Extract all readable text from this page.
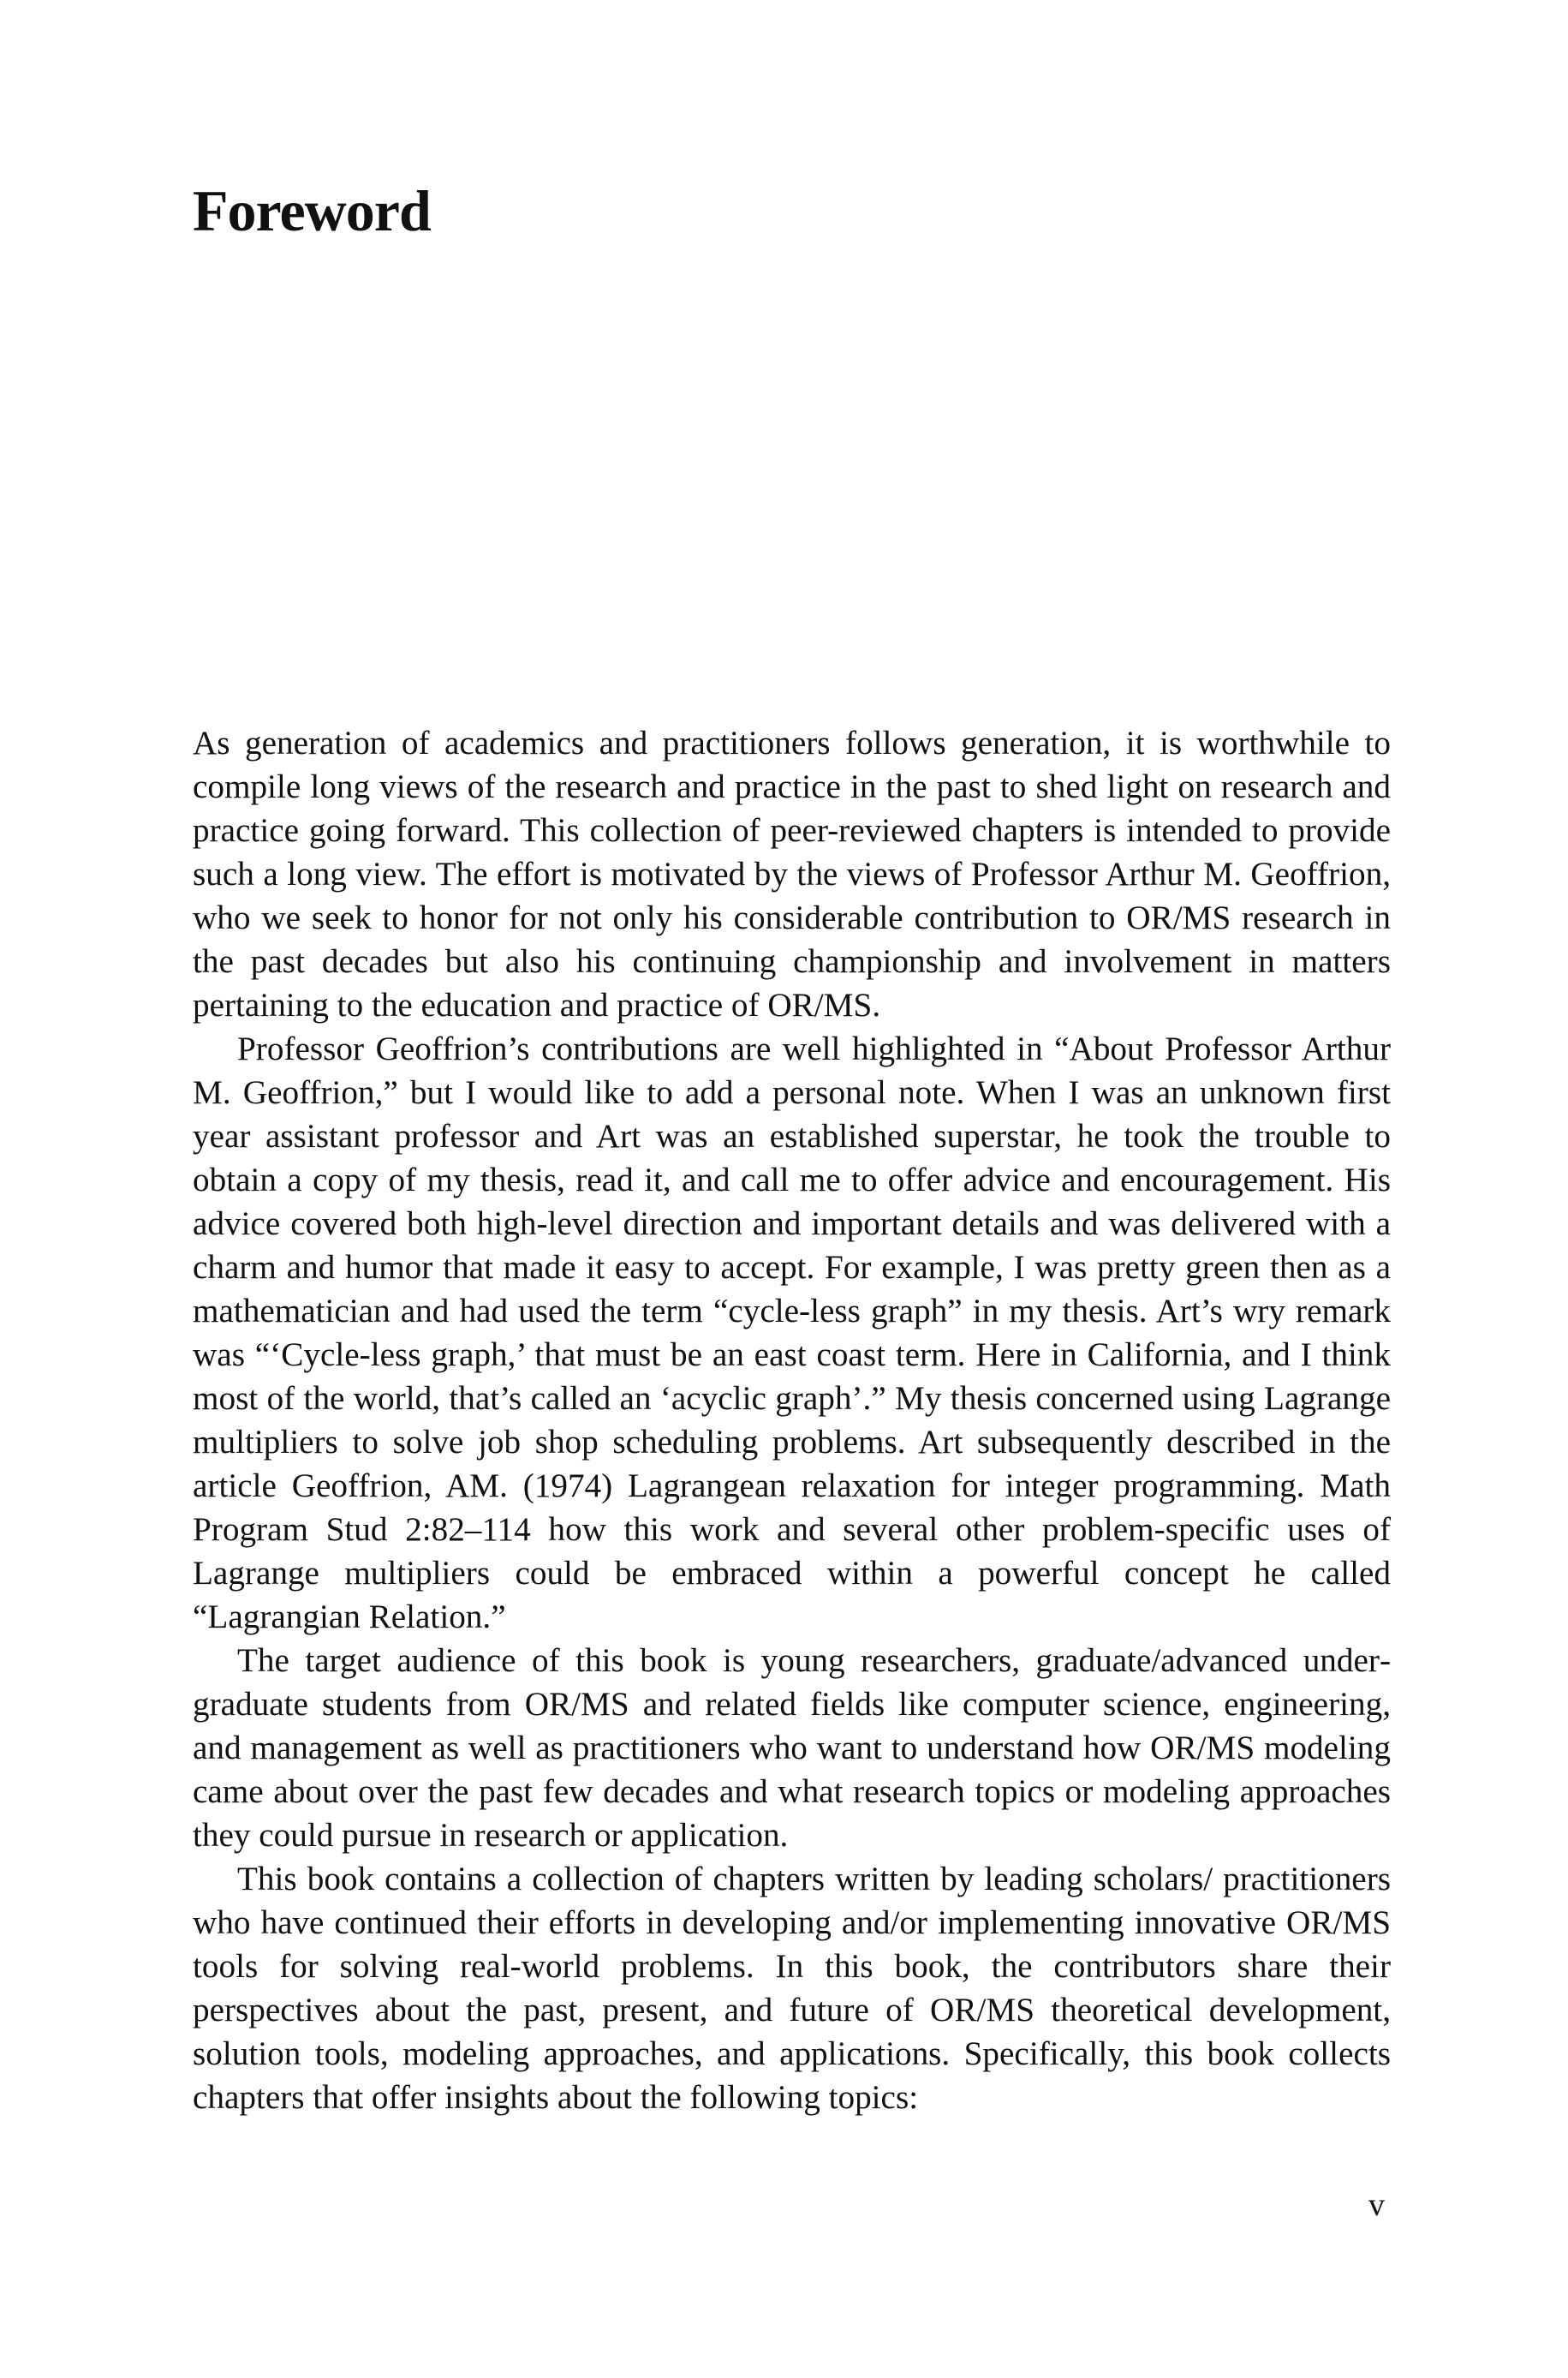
Foreword

As generation of academics and practitioners follows generation, it is worthwhile to compile long views of the research and practice in the past to shed light on research and practice going forward. This collection of peer-reviewed chapters is intended to provide such a long view. The effort is motivated by the views of Professor Arthur M. Geoffrion, who we seek to honor for not only his considerable contribution to OR/MS research in the past decades but also his continuing championship and involvement in matters pertaining to the education and practice of OR/MS.

Professor Geoffrion’s contributions are well highlighted in “About Professor Arthur M. Geoffrion,” but I would like to add a personal note. When I was an unknown first year assistant professor and Art was an established superstar, he took the trouble to obtain a copy of my thesis, read it, and call me to offer advice and encouragement. His advice covered both high-level direction and important details and was delivered with a charm and humor that made it easy to accept. For example, I was pretty green then as a mathematician and had used the term “cycle-less graph” in my thesis. Art’s wry remark was “‘Cycle-less graph,’ that must be an east coast term. Here in California, and I think most of the world, that’s called an ‘acyclic graph’.” My thesis concerned using Lagrange multipliers to solve job shop scheduling problems. Art subsequently described in the article Geoffrion, AM. (1974) Lagrangean relaxation for integer programming. Math Program Stud 2:82–114 how this work and several other problem-specific uses of Lagrange multipliers could be embraced within a powerful concept he called “Lagrangian Relation.”

The target audience of this book is young researchers, graduate/advanced undergraduate students from OR/MS and related fields like computer science, engineering, and management as well as practitioners who want to understand how OR/MS modeling came about over the past few decades and what research topics or modeling approaches they could pursue in research or application.

This book contains a collection of chapters written by leading scholars/ practitioners who have continued their efforts in developing and/or implementing innovative OR/MS tools for solving real-world problems. In this book, the contributors share their perspectives about the past, present, and future of OR/MS theoretical development, solution tools, modeling approaches, and applications. Specifically, this book collects chapters that offer insights about the following topics:

v
